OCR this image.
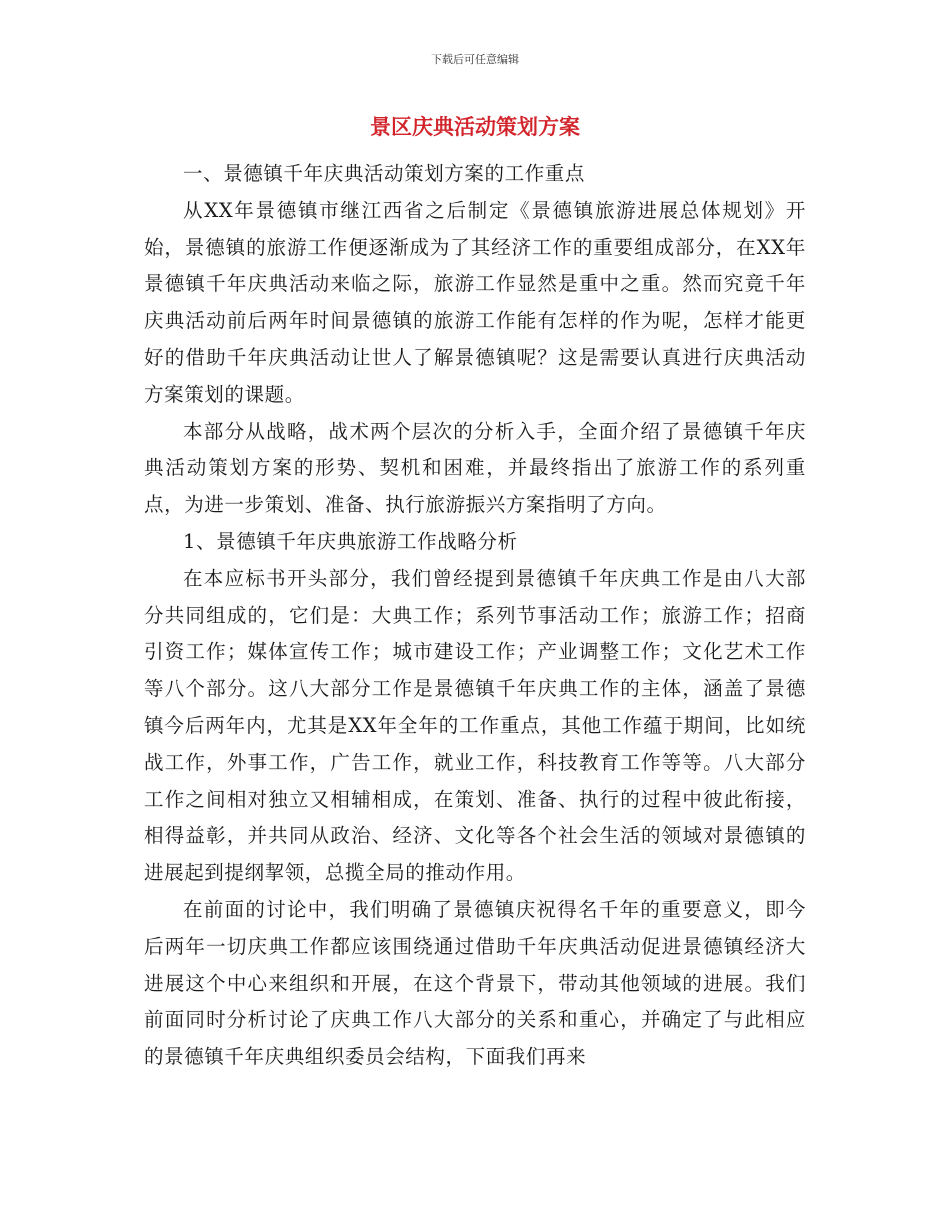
下载后可任意编辑
景区庆典活动策划方案

一、景德镇千年庆典活动策划方案的工作重点

从XX年景德镇市继江西省之后制定《景德镇旅游进展总体规划》开始，景德镇的旅游工作便逐渐成为了其经济工作的重要组成部分，在XX年景德镇千年庆典活动来临之际，旅游工作显然是重中之重。然而究竟千年庆典活动前后两年时间景德镇的旅游工作能有怎样的作为呢，怎样才能更好的借助千年庆典活动让世人了解景德镇呢？这是需要认真进行庆典活动方案策划的课题。

本部分从战略，战术两个层次的分析入手，全面介绍了景德镇千年庆典活动策划方案的形势、契机和困难，并最终指出了旅游工作的系列重点，为进一步策划、准备、执行旅游振兴方案指明了方向。

1、景德镇千年庆典旅游工作战略分析

在本应标书开头部分，我们曾经提到景德镇千年庆典工作是由八大部分共同组成的，它们是：大典工作；系列节事活动工作；旅游工作；招商引资工作；媒体宣传工作；城市建设工作；产业调整工作；文化艺术工作等八个部分。这八大部分工作是景德镇千年庆典工作的主体，涵盖了景德镇今后两年内，尤其是XX年全年的工作重点，其他工作蕴于期间，比如统战工作，外事工作，广告工作，就业工作，科技教育工作等等。八大部分工作之间相对独立又相辅相成，在策划、准备、执行的过程中彼此衔接，相得益彰，并共同从政治、经济、文化等各个社会生活的领域对景德镇的进展起到提纲挈领，总揽全局的推动作用。

在前面的讨论中，我们明确了景德镇庆祝得名千年的重要意义，即今后两年一切庆典工作都应该围绕通过借助千年庆典活动促进景德镇经济大进展这个中心来组织和开展，在这个背景下，带动其他领域的进展。我们前面同时分析讨论了庆典工作八大部分的关系和重心，并确定了与此相应的景德镇千年庆典组织委员会结构，下面我们再来
